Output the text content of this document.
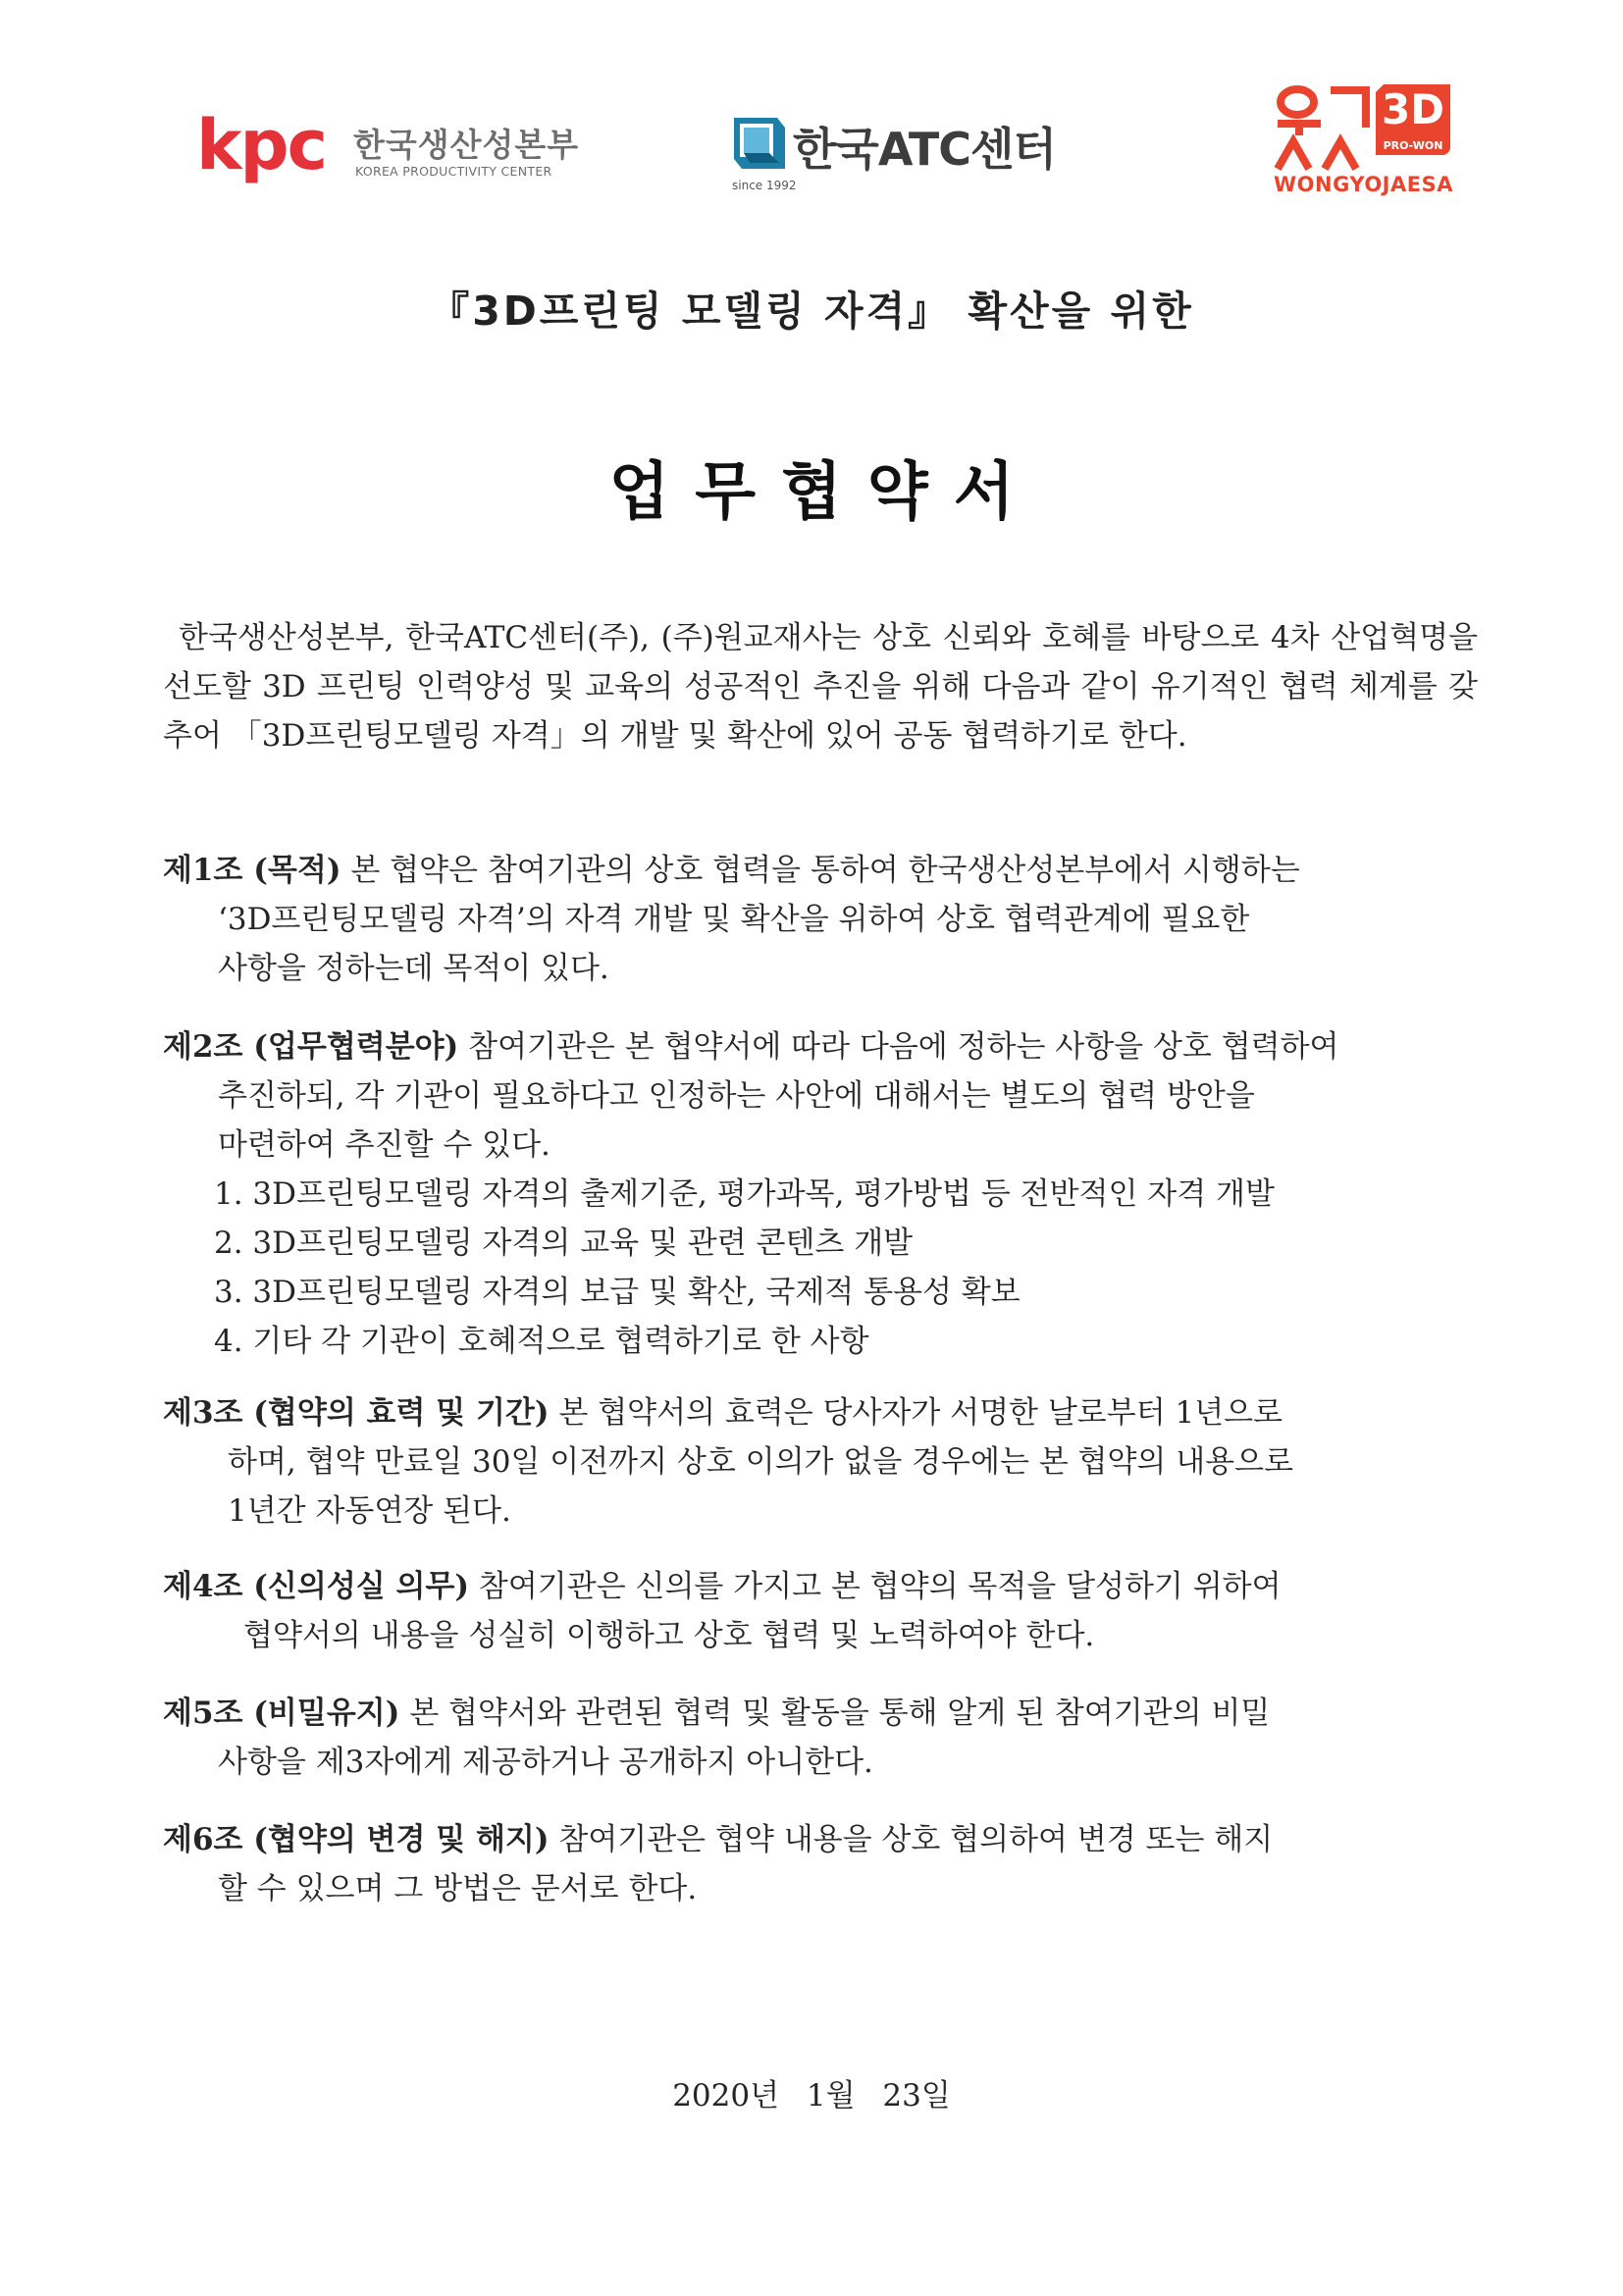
kpc 한국생산성본부
KOREA PRODUCTIVITY CENTER	한국ATC센터
since 1992
3D
PRO-WON
WONGYOJAESA
『3D프린팅 모델링 자격』 확산을 위한
업무협약서
한국생산성본부, 한국ATC센터(주), (주)원교재사는 상호 신뢰와 호혜를 바탕으로 4차 산업혁명을 선도할 3D 프린팅 인력양성 및 교육의 성공적인 추진을 위해 다음과 같이 유기적인 협력 체계를 갖추어 「3D프린팅모델링 자격」의 개발 및 확산에 있어 공동 협력하기로 한다.
제1조 (목적) 본 협약은 참여기관의 상호 협력을 통하여 한국생산성본부에서 시행하는
‘3D프린팅모델링 자격’의 자격 개발 및 확산을 위하여 상호 협력관계에 필요한
사항을 정하는데 목적이 있다.
제2조 (업무협력분야) 참여기관은 본 협약서에 따라 다음에 정하는 사항을 상호 협력하여
추진하되, 각 기관이 필요하다고 인정하는 사안에 대해서는 별도의 협력 방안을
마련하여 추진할 수 있다.
1. 3D프린팅모델링 자격의 출제기준, 평가과목, 평가방법 등 전반적인 자격 개발
2. 3D프린팅모델링 자격의 교육 및 관련 콘텐츠 개발
3. 3D프린팅모델링 자격의 보급 및 확산, 국제적 통용성 확보
4. 기타 각 기관이 호혜적으로 협력하기로 한 사항
제3조 (협약의 효력 및 기간) 본 협약서의 효력은 당사자가 서명한 날로부터 1년으로
하며, 협약 만료일 30일 이전까지 상호 이의가 없을 경우에는 본 협약의 내용으로
1년간 자동연장 된다.
제4조 (신의성실 의무) 참여기관은 신의를 가지고 본 협약의 목적을 달성하기 위하여
협약서의 내용을 성실히 이행하고 상호 협력 및 노력하여야 한다.
제5조 (비밀유지) 본 협약서와 관련된 협력 및 활동을 통해 알게 된 참여기관의 비밀
사항을 제3자에게 제공하거나 공개하지 아니한다.
제6조 (협약의 변경 및 해지) 참여기관은 협약 내용을 상호 협의하여 변경 또는 해지
할 수 있으며 그 방법은 문서로 한다.
2020년 1월 23일
